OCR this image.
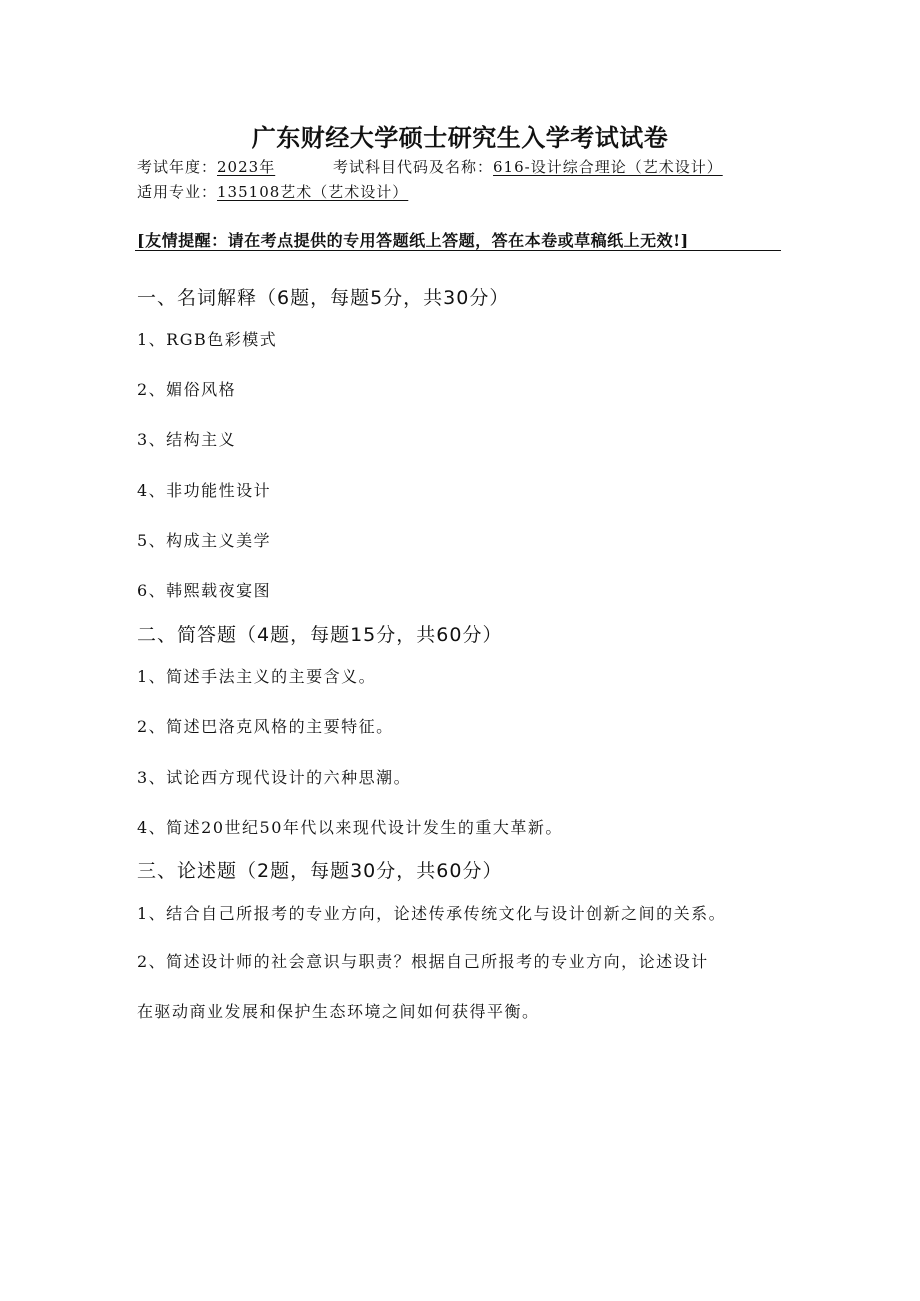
广东财经大学硕士研究生入学考试试卷
考试年度：2023年	考试科目代码及名称：616-设计综合理论（艺术设计）
适用专业：135108艺术（艺术设计）
[友情提醒：请在考点提供的专用答题纸上答题，答在本卷或草稿纸上无效!]
一、名词解释（6题，每题5分，共30分）
1、RGB色彩模式
2、媚俗风格
3、结构主义
4、非功能性设计
5、构成主义美学
6、韩熙载夜宴图
二、简答题（4题，每题15分，共60分）
1、简述手法主义的主要含义。
2、简述巴洛克风格的主要特征。
3、试论西方现代设计的六种思潮。
4、简述20世纪50年代以来现代设计发生的重大革新。
三、论述题（2题，每题30分，共60分）
1、结合自己所报考的专业方向，论述传承传统文化与设计创新之间的关系。
2、简述设计师的社会意识与职责？根据自己所报考的专业方向，论述设计
在驱动商业发展和保护生态环境之间如何获得平衡。
